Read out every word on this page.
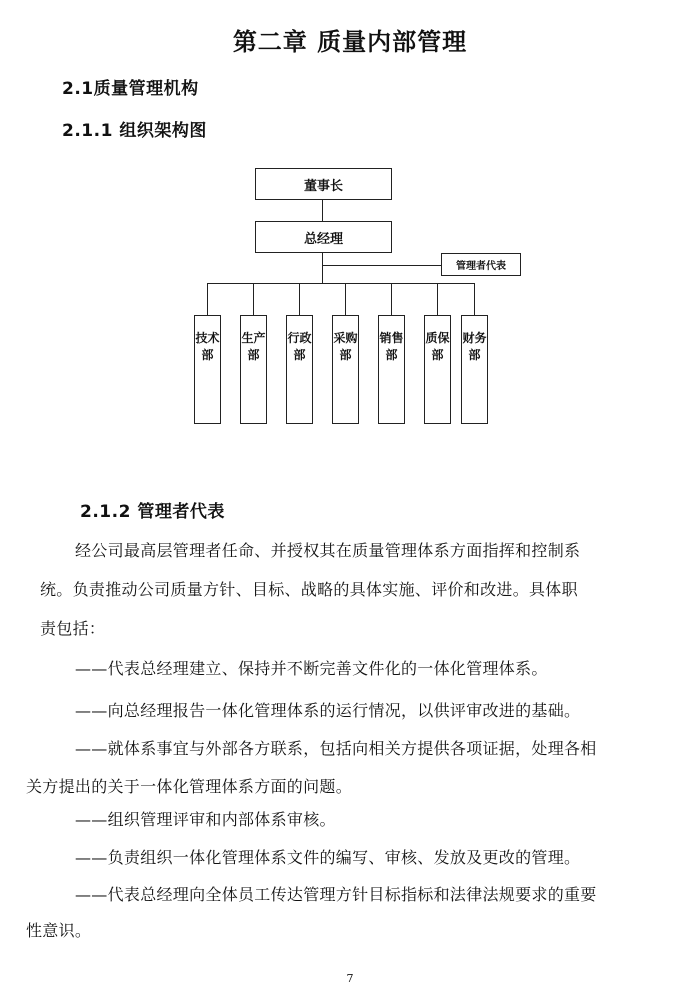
第二章 质量内部管理
2.1质量管理机构
2.1.1 组织架构图
董事长
总经理
管理者代表
技术部
生产部
行政部
采购部
销售部
质保部
财务部
2.1.2 管理者代表
经公司最高层管理者任命、并授权其在质量管理体系方面指挥和控制系
统。负责推动公司质量方针、目标、战略的具体实施、评价和改进。具体职
责包括：
——代表总经理建立、保持并不断完善文件化的一体化管理体系。
——向总经理报告一体化管理体系的运行情况，以供评审改进的基础。
——就体系事宜与外部各方联系，包括向相关方提供各项证据，处理各相
关方提出的关于一体化管理体系方面的问题。
——组织管理评审和内部体系审核。
——负责组织一体化管理体系文件的编写、审核、发放及更改的管理。
——代表总经理向全体员工传达管理方针目标指标和法律法规要求的重要
性意识。
7
